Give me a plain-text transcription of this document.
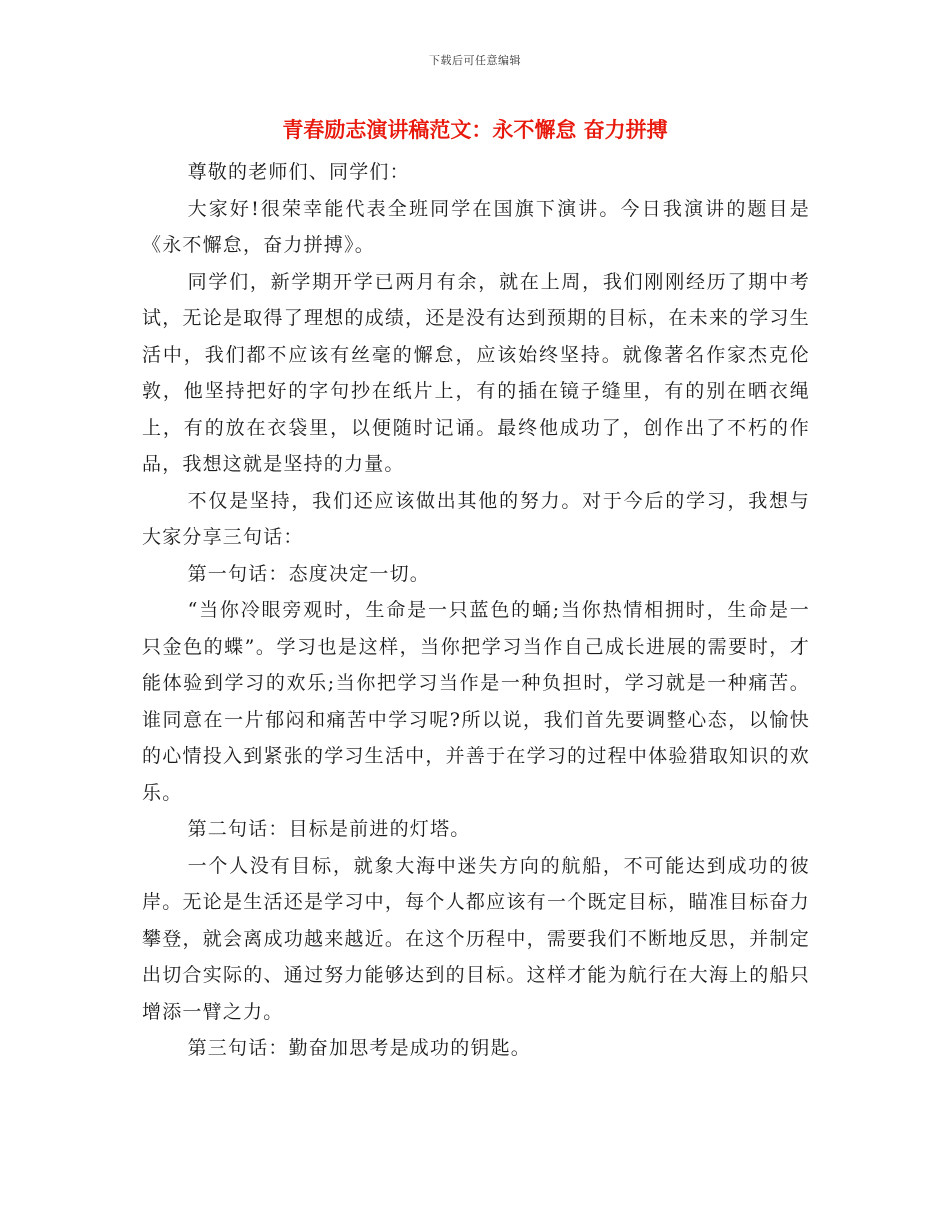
下载后可任意编辑
青春励志演讲稿范文：永不懈怠 奋力拼搏

尊敬的老师们、同学们：

大家好!很荣幸能代表全班同学在国旗下演讲。今日我演讲的题目是《永不懈怠，奋力拼搏》。

同学们，新学期开学已两月有余，就在上周，我们刚刚经历了期中考试，无论是取得了理想的成绩，还是没有达到预期的目标，在未来的学习生活中，我们都不应该有丝毫的懈怠，应该始终坚持。就像著名作家杰克伦敦，他坚持把好的字句抄在纸片上，有的插在镜子缝里，有的别在晒衣绳上，有的放在衣袋里，以便随时记诵。最终他成功了，创作出了不朽的作品，我想这就是坚持的力量。

不仅是坚持，我们还应该做出其他的努力。对于今后的学习，我想与大家分享三句话：

第一句话：态度决定一切。

“当你冷眼旁观时，生命是一只蓝色的蛹;当你热情相拥时，生命是一只金色的蝶”。学习也是这样，当你把学习当作自己成长进展的需要时，才能体验到学习的欢乐;当你把学习当作是一种负担时，学习就是一种痛苦。谁同意在一片郁闷和痛苦中学习呢?所以说，我们首先要调整心态，以愉快的心情投入到紧张的学习生活中，并善于在学习的过程中体验猎取知识的欢乐。

第二句话：目标是前进的灯塔。

一个人没有目标，就象大海中迷失方向的航船，不可能达到成功的彼岸。无论是生活还是学习中，每个人都应该有一个既定目标，瞄准目标奋力攀登，就会离成功越来越近。在这个历程中，需要我们不断地反思，并制定出切合实际的、通过努力能够达到的目标。这样才能为航行在大海上的船只增添一臂之力。

第三句话：勤奋加思考是成功的钥匙。
